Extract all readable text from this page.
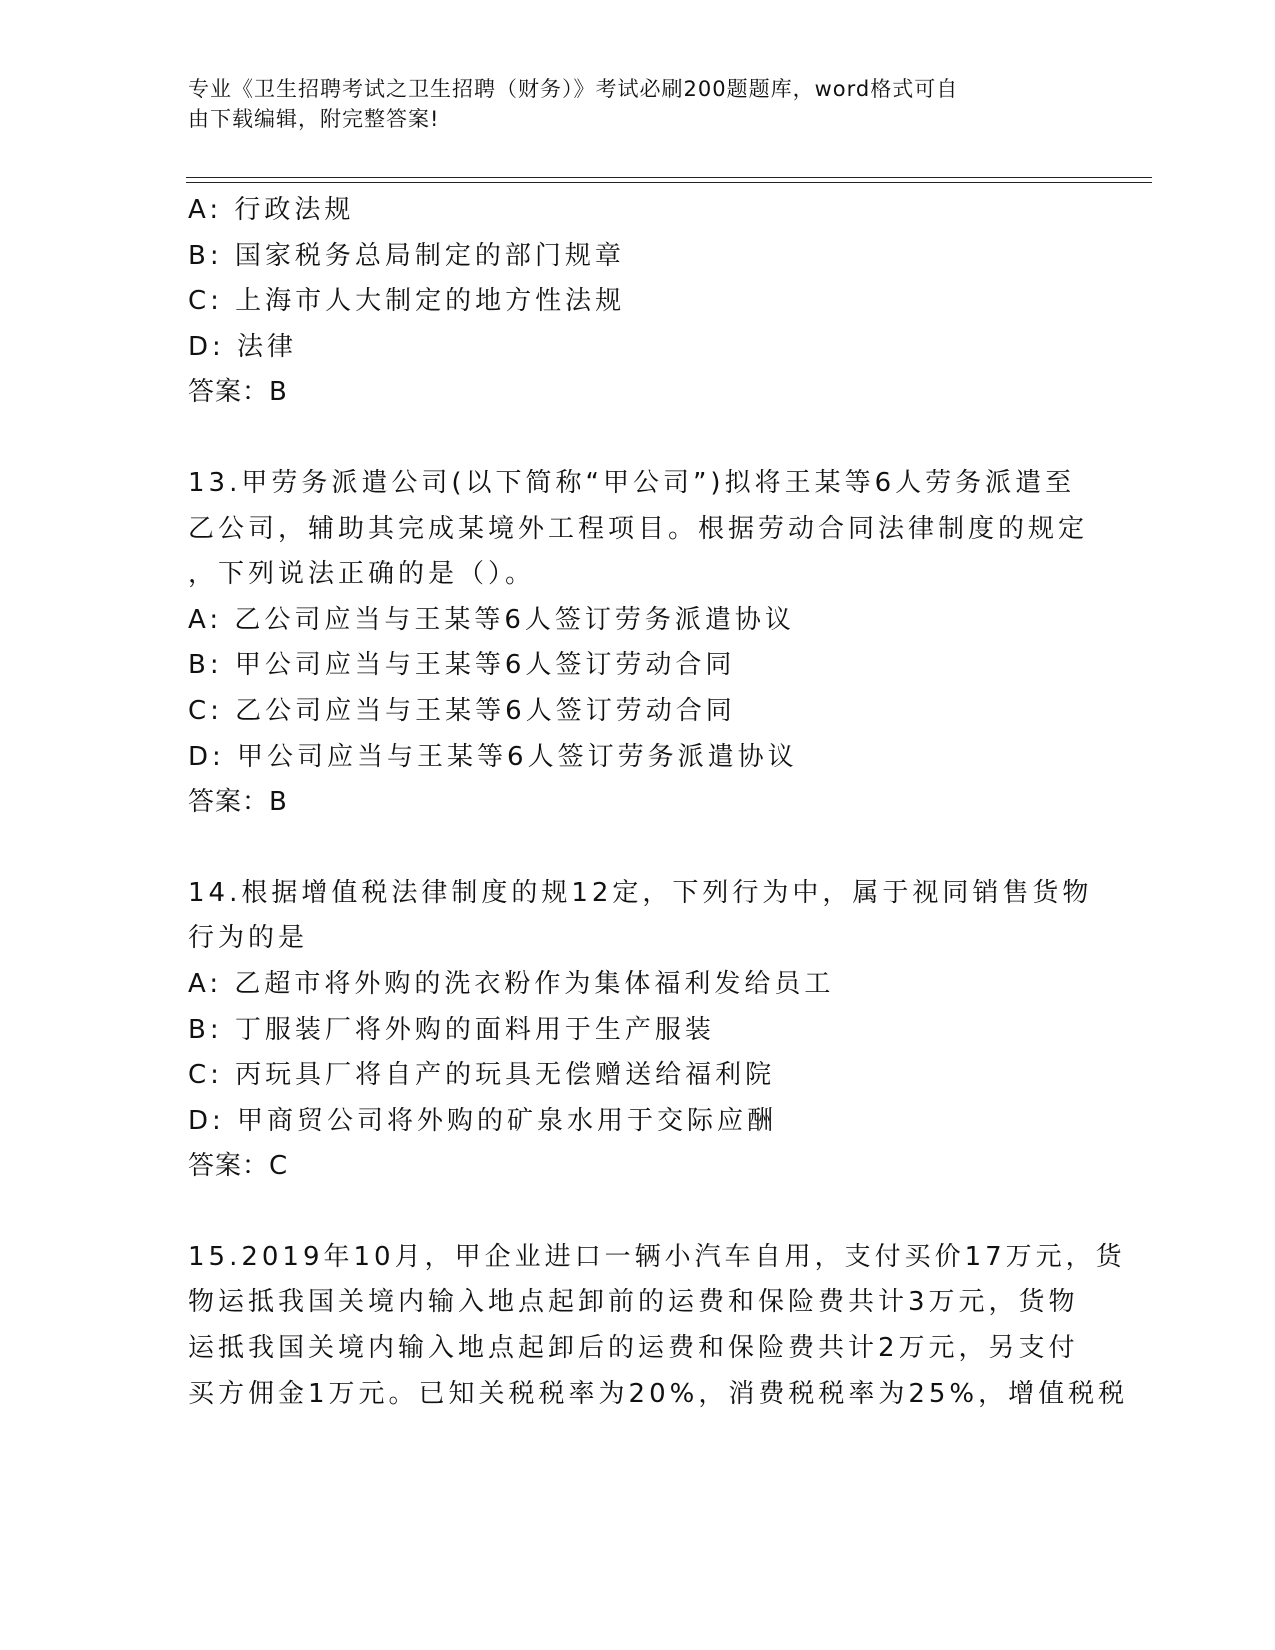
专业《卫生招聘考试之卫生招聘（财务）》考试必刷200题题库，word格式可自
由下载编辑，附完整答案!
A: 行政法规
B: 国家税务总局制定的部门规章
C: 上海市人大制定的地方性法规
D: 法律
答案：B
13.甲劳务派遣公司(以下简称“甲公司”)拟将王某等6人劳务派遣至
乙公司，辅助其完成某境外工程项目。根据劳动合同法律制度的规定
，下列说法正确的是（）。
A: 乙公司应当与王某等6人签订劳务派遣协议
B: 甲公司应当与王某等6人签订劳动合同
C: 乙公司应当与王某等6人签订劳动合同
D: 甲公司应当与王某等6人签订劳务派遣协议
答案：B
14.根据增值税法律制度的规12定，下列行为中，属于视同销售货物
行为的是
A: 乙超市将外购的洗衣粉作为集体福利发给员工
B: 丁服装厂将外购的面料用于生产服装
C: 丙玩具厂将自产的玩具无偿赠送给福利院
D: 甲商贸公司将外购的矿泉水用于交际应酬
答案：C
15.2019年10月，甲企业进口一辆小汽车自用，支付买价17万元，货
物运抵我国关境内输入地点起卸前的运费和保险费共计3万元，货物
运抵我国关境内输入地点起卸后的运费和保险费共计2万元，另支付
买方佣金1万元。已知关税税率为20%，消费税税率为25%，增值税税
